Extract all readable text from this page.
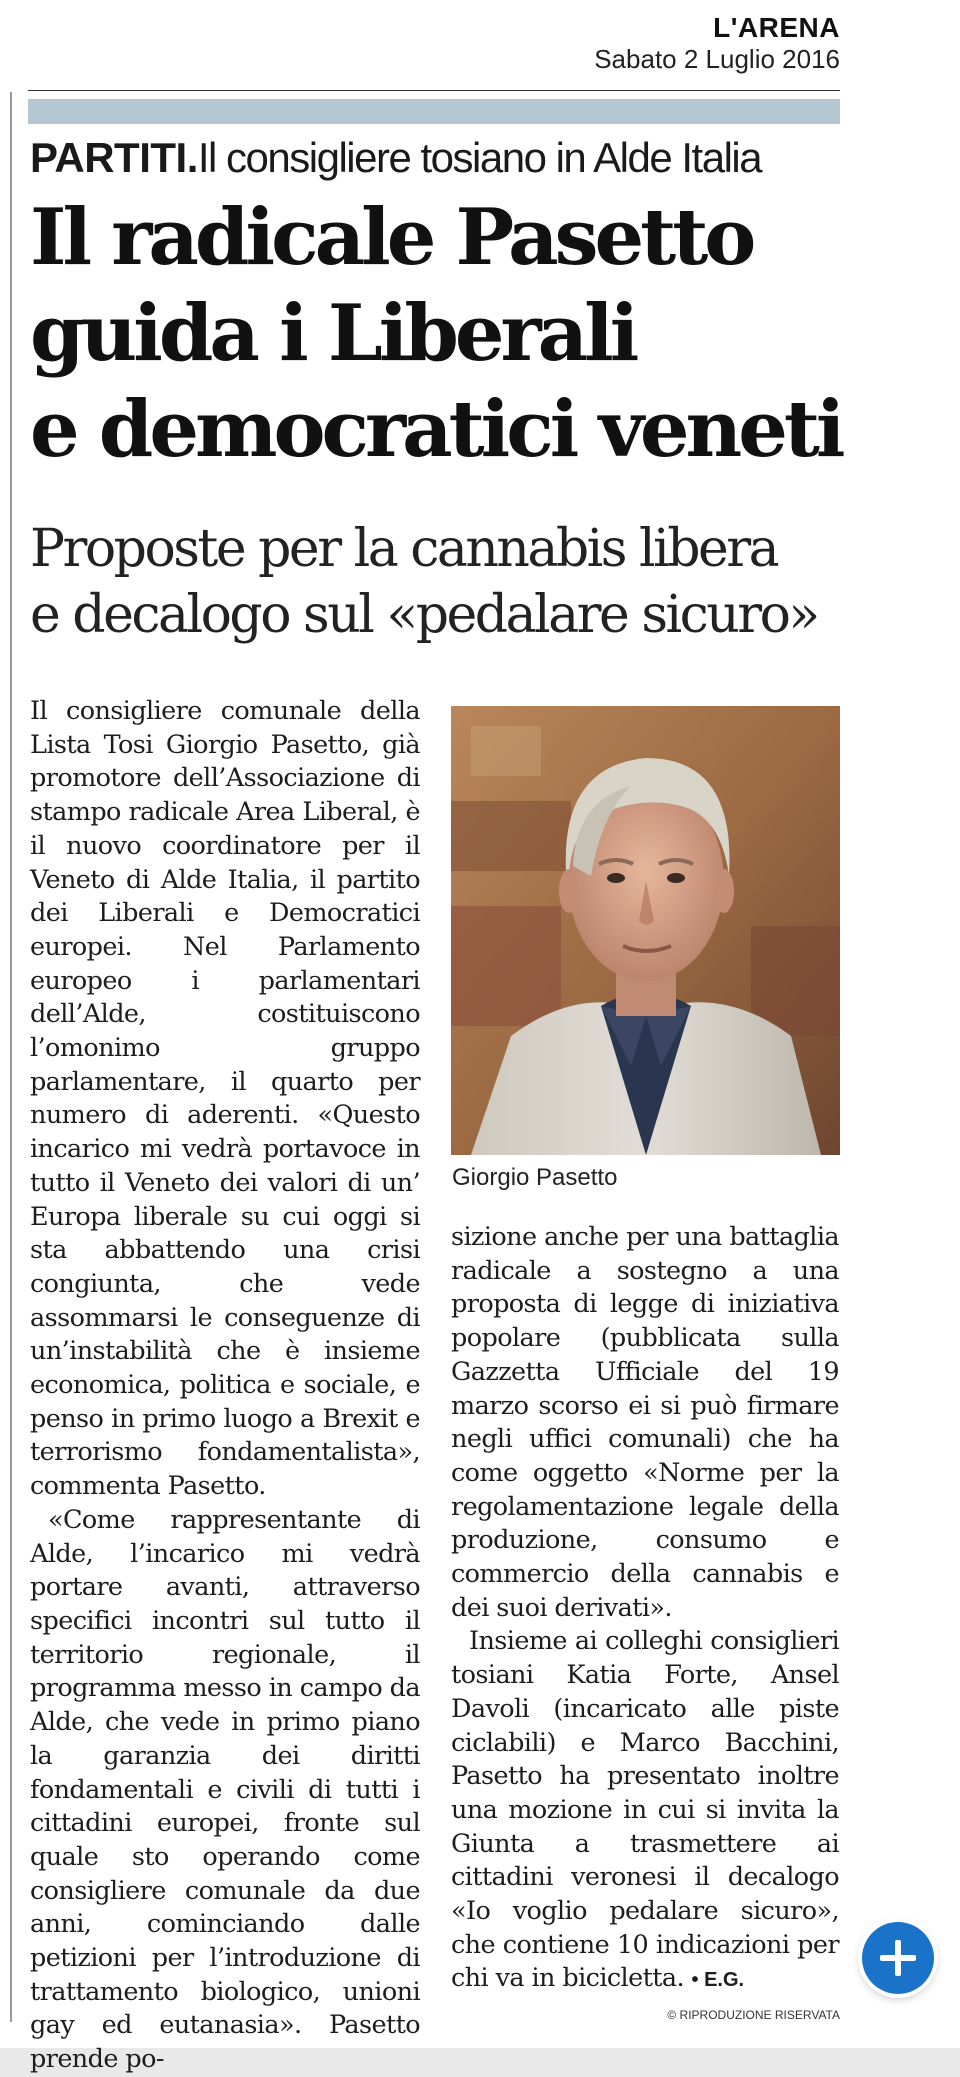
L'ARENA
Sabato 2 Luglio 2016
PARTITI.Il consigliere tosiano in Alde Italia
Il radicale Pasetto
guida i Liberali
e democratici veneti
Proposte per la cannabis libera
e decalogo sul «pedalare sicuro»

Il consigliere comunale della Lista Tosi Giorgio Pasetto, già promotore dell’Associazione di stampo radicale Area Liberal, è il nuovo coordinatore per il Veneto di Alde Italia, il partito dei Liberali e Democratici europei. Nel Parlamento europeo i parlamentari dell’Alde, costituiscono l’omonimo gruppo parlamentare, il quarto per numero di aderenti. «Questo incarico mi vedrà portavoce in tutto il Veneto dei valori di un’ Europa liberale su cui oggi si sta abbattendo una crisi congiunta, che vede assommarsi le conseguenze di un’instabilità che è insieme economica, politica e sociale, e penso in primo luogo a Brexit e terrorismo fondamentalista», commenta Pasetto.

«Come rappresentante di Alde, l’incarico mi vedrà portare avanti, attraverso specifici incontri sul tutto il territorio regionale, il programma messo in campo da Alde, che vede in primo piano la garanzia dei diritti fondamentali e civili di tutti i cittadini europei, fronte sul quale sto operando come consigliere comunale da due anni, cominciando dalle petizioni per l’introduzione di trattamento biologico, unioni gay ed eutanasia». Pasetto prende po-

Giorgio Pasetto

sizione anche per una battaglia radicale a sostegno a una proposta di legge di iniziativa popolare (pubblicata sulla Gazzetta Ufficiale del 19 marzo scorso ei si può firmare negli uffici comunali) che ha come oggetto «Norme per la regolamentazione legale della produzione, consumo e commercio della cannabis e dei suoi derivati».

Insieme ai colleghi consiglieri tosiani Katia Forte, Ansel Davoli (incaricato alle piste ciclabili) e Marco Bacchini, Pasetto ha presentato inoltre una mozione in cui si invita la Giunta a trasmettere ai cittadini veronesi il decalogo «Io voglio pedalare sicuro», che contiene 10 indicazioni per chi va in bicicletta. • E.G.

© RIPRODUZIONE RISERVATA
